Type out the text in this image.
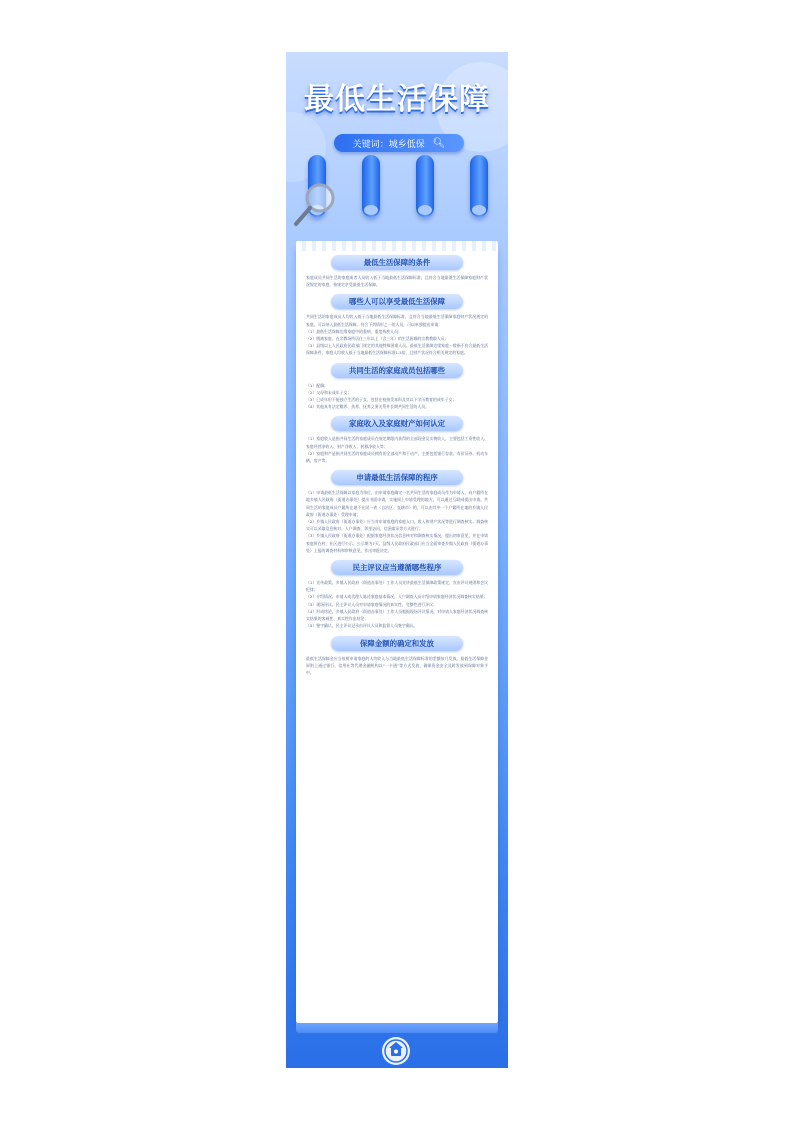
最低生活保障
关键词：城乡低保 🔍︎
最低生活保障的条件

家庭成员共同生活的家庭或者人员收入低于当地最低生活保障标准，且符合当地最低生活保障家庭财产状况规定的家庭，按规定享受最低生活保障。

哪些人可以享受最低生活保障

共同生活的家庭成员人均收入低于当地最低生活保障标准，且符合当地最低生活保障家庭财产状况规定的家庭，可以纳入最低生活保障。符合下列情形之一的人员，可以单独提出申请：

（1）最低生活保障边缘家庭中的重病、重度残疾人员；

（2）脱离家庭、在宗教场所居住三年以上（含三年）的生活困难的宗教教职人员；

（3）县级以上人民政府民政部门规定的其他特殊困难人员。最低生活保障边缘家庭一般指不符合最低生活保障条件，家庭人均收入低于当地最低生活保障标准1.5倍，且财产状况符合相关规定的家庭。

共同生活的家庭成员包括哪些

（1）配偶；

（2）父母和未成年子女；

（3）已成年但不能独立生活的子女，包括在校接受本科及其以下学历教育的成年子女；

（4）其他具有法定赡养、扶养、抚养义务关系并长期共同生活的人员。

家庭收入及家庭财产如何认定

（1）家庭收入是指共同生活的家庭成员在规定期限内获得的全部现金及实物收入，主要包括工资性收入、家庭经营净收入、财产净收入、转移净收入等；

（2）家庭财产是指共同生活的家庭成员拥有的全部动产和不动产，主要包括银行存款、有价证券、机动车辆、房产等。

申请最低生活保障的程序

（1）申请最低生活保障以家庭为单位，由申请家庭确定一名共同生活的家庭成员作为申请人，向户籍所在地乡镇人民政府（街道办事处）提出书面申请，实施网上申请受理的地方，可以通过互联网提出申请。共同生活的家庭成员户籍所在地不在同一省（自治区、直辖市）的，可以由其中一个户籍所在地的乡镇人民政府（街道办事处）受理申请；

（2）乡镇人民政府（街道办事处）应当对申请家庭的家庭人口、收入和财产状况等进行调查核实。调查核实可以采取信息核对、入户调查、邻里访问、信函索证等方式进行；

（3）乡镇人民政府（街道办事处）根据家庭经济状况信息核对和调查核实情况，提出初审意见，并在申请家庭所在村、社区进行公示。公示期为7天。县级人民政府民政部门应当全面审查乡镇人民政府（街道办事处）上报的调查材料和审核意见，作出审批决定。

民主评议应当遵循哪些程序

（1）宣传政策。乡镇人民政府（街道办事处）工作人员宣讲最低生活保障政策规定，宣布评议规则和会议纪律；

（2）介绍情况。申请人或代理人陈述家庭基本情况，入户调查人员介绍申请家庭经济状况调查核实结果；

（3）现场评议。民主评议人员对申请家庭情况的真实性、完整性进行评议；

（4）形成结论。乡镇人民政府（街道办事处）工作人员根据现场评议情况，对申请人家庭经济状况调查核实结果的客观性、真实性作出结论；

（5）签字确认。民主评议记录由评议人员和监督人员签字确认。

保障金额的确定和发放

最低生活保障金应当按照申请家庭的人均收入与当地最低生活保障标准的差额按月发放。最低生活保障金原则上通过银行、信用社等代理金融机构以“一卡通”等方式发放，确保资金安全及时发放到保障对象手中。
